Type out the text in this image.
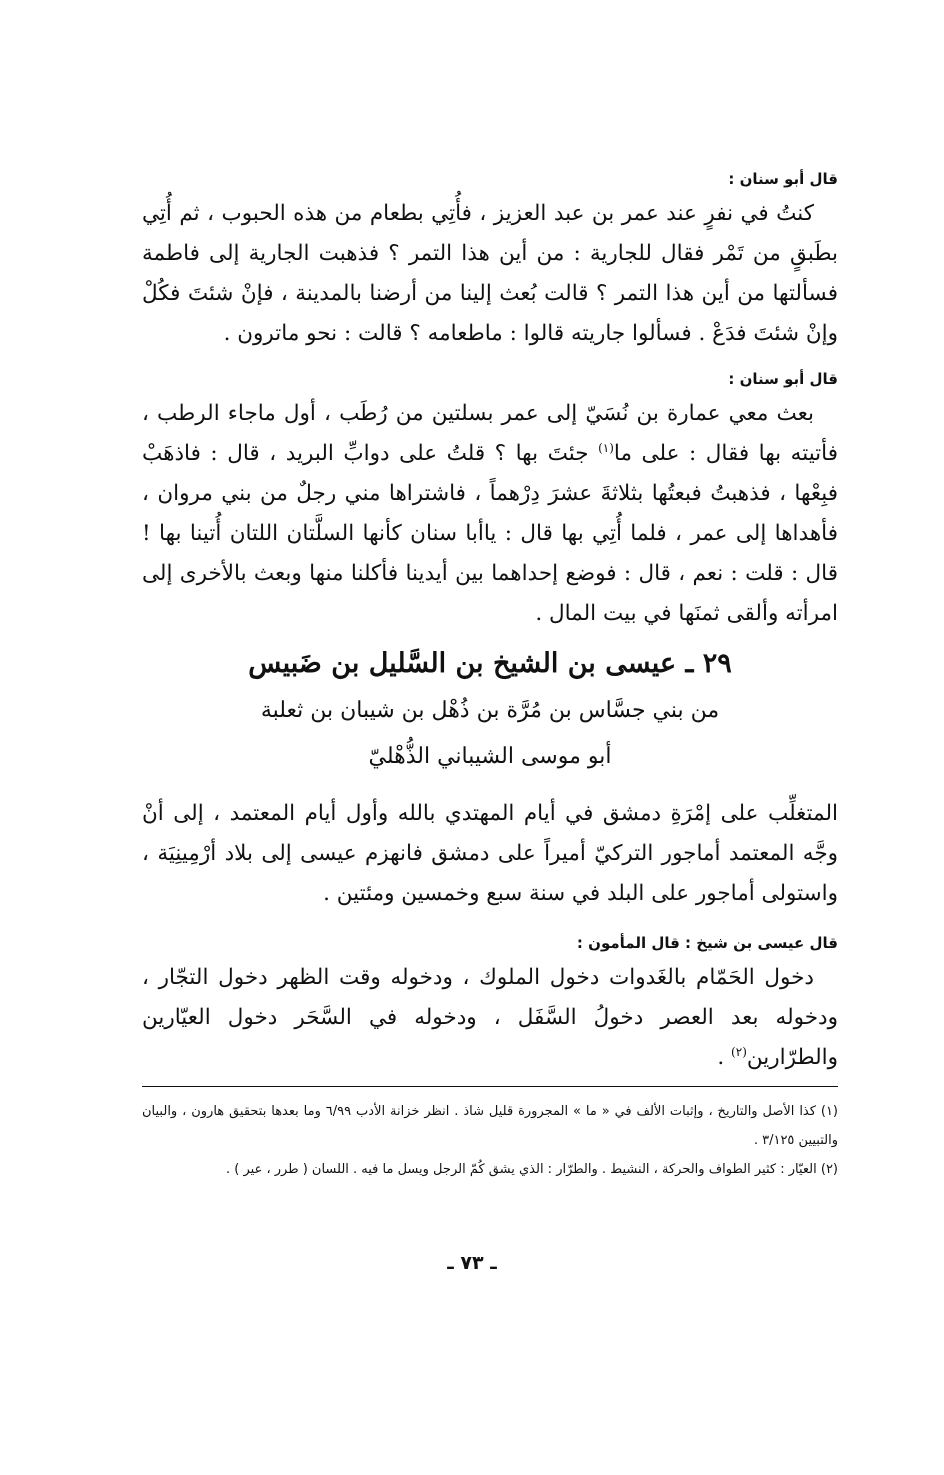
قال أبو سنان :

كنتُ في نفرٍ عند عمر بن عبد العزيز ، فأُتِي بطعام من هذه الحبوب ، ثم أُتِي بطَبقٍ من تَمْر فقال للجارية : من أين هذا التمر ؟ فذهبت الجارية إلى فاطمة فسألتها من أين هذا التمر ؟ قالت بُعث إلينا من أرضنا بالمدينة ، فإنْ شئتَ فكُلْ وإنْ شئتَ فدَعْ . فسألوا جاريته قالوا : ماطعامه ؟ قالت : نحو ماترون .

قال أبو سنان :

بعث معي عمارة بن نُسَيّ إلى عمر بسلتين من رُطَب ، أول ماجاء الرطب ، فأتيته بها فقال : على ما$^{(١)}$ جئتَ بها ؟ قلتُ على دوابِّ البريد ، قال : فاذهَبْ فبِعْها ، فذهبتُ فبعتُها بثلاثةَ عشرَ دِرْهماً ، فاشتراها مني رجلٌ من بني مروان ، فأهداها إلى عمر ، فلما أُتِي بها قال : ياأبا سنان كأنها السلَّتان اللتان أُتينا بها ! قال : قلت : نعم ، قال : فوضع إحداهما بين أيدينا فأكلنا منها وبعث بالأخرى إلى امرأته وألقى ثمنَها في بيت المال .

٢٩ ـ عيسى بن الشيخ بن السَّليل بن ضَبيس
من بني جسَّاس بن مُرَّة بن ذُهْل بن شيبان بن ثعلبة
أبو موسى الشيباني الذُّهْليّ

المتغلِّب على إمْرَةِ دمشق في أيام المهتدي بالله وأول أيام المعتمد ، إلى أنْ وجَّه المعتمد أماجور التركيّ أميراً على دمشق فانهزم عيسى إلى بلاد أرْمِينِيَة ، واستولى أماجور على البلد في سنة سبع وخمسين ومئتين .

قال عيسى بن شيخ : قال المأمون :

دخول الحَمّام بالغَدوات دخول الملوك ، ودخوله وقت الظهر دخول التجّار ، ودخوله بعد العصر دخولُ السَّفَل ، ودخوله في السَّحَر دخول العيّارين والطرّارين$^{(٢)}$ .

(١) كذا الأصل والتاريخ ، وإثبات الألف في « ما » المجرورة قليل شاذ . انظر خزانة الأدب ٦/٩٩ وما بعدها بتحقيق هارون ، والبيان والتبيين ٣/١٢٥ .

(٢) العيّار : كثير الطواف والحركة ، النشيط . والطرّار : الذي يشق كُمّ الرجل ويسل ما فيه . اللسان ( طرر ، عير ) .

ـ ٧٣ ـ
